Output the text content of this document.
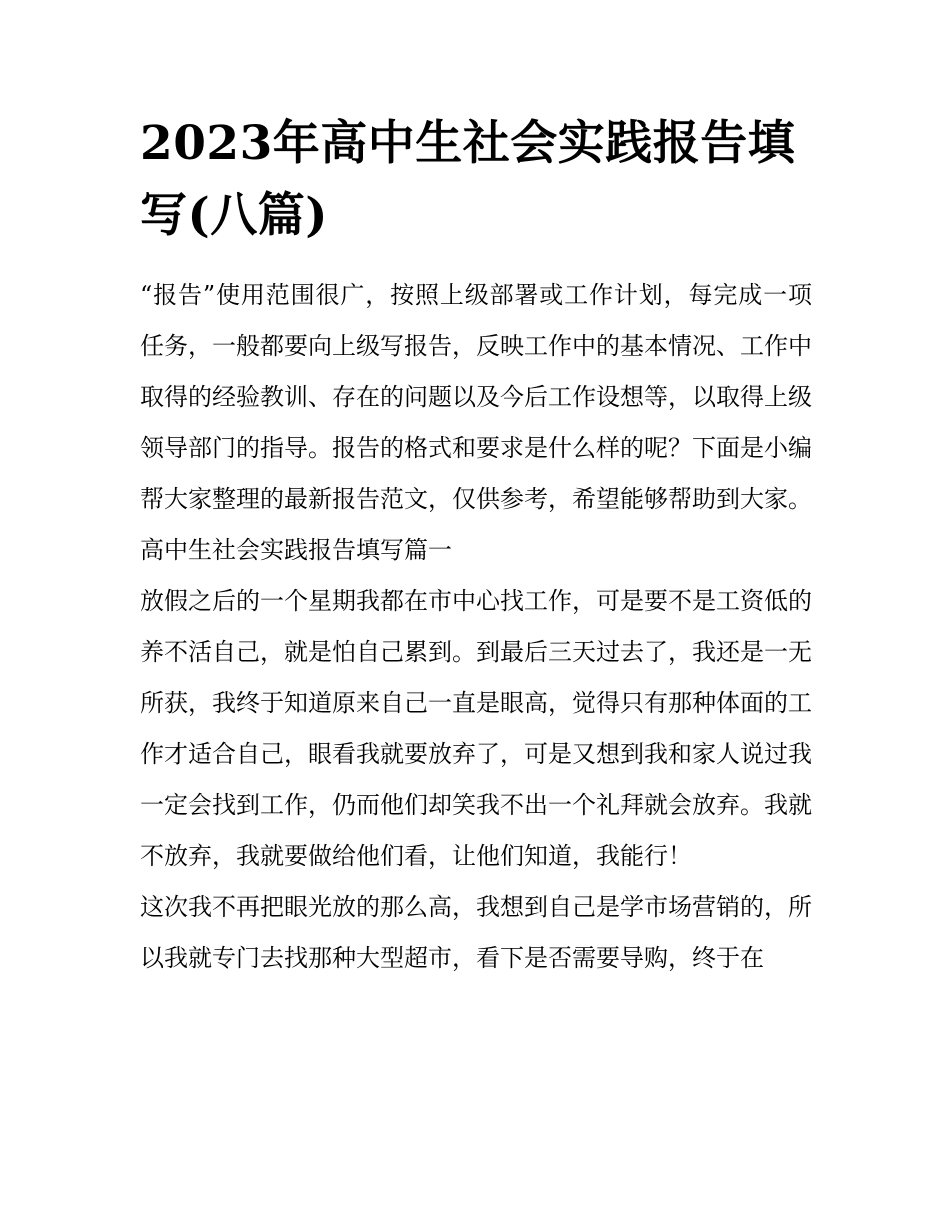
2023年高中生社会实践报告填写(八篇)

“报告”使用范围很广，按照上级部署或工作计划，每完成一项任务，一般都要向上级写报告，反映工作中的基本情况、工作中取得的经验教训、存在的问题以及今后工作设想等，以取得上级领导部门的指导。报告的格式和要求是什么样的呢？下面是小编帮大家整理的最新报告范文，仅供参考，希望能够帮助到大家。

高中生社会实践报告填写篇一

放假之后的一个星期我都在市中心找工作，可是要不是工资低的养不活自己，就是怕自己累到。到最后三天过去了，我还是一无所获，我终于知道原来自己一直是眼高，觉得只有那种体面的工作才适合自己，眼看我就要放弃了，可是又想到我和家人说过我一定会找到工作，仍而他们却笑我不出一个礼拜就会放弃。我就不放弃，我就要做给他们看，让他们知道，我能行！

这次我不再把眼光放的那么高，我想到自己是学市场营销的，所以我就专门去找那种大型超市，看下是否需要导购，终于在
